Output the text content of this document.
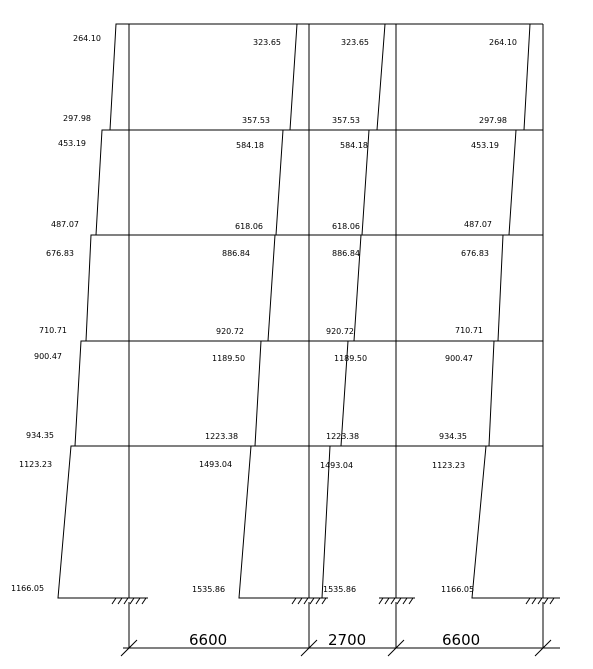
6600	2700	6600
264.10
297.98
323.65
357.53
323.65
357.53
264.10
297.98
453.19
487.07
584.18
618.06
584.18
618.06
453.19
487.07
676.83
710.71
886.84
920.72
886.84
920.72
676.83
710.71
900.47
934.35
1189.50
1223.38
1189.50
1223.38
900.47
934.35
1123.23
1166.05
1493.04
1535.86
1493.04
1535.86
1123.23
1166.05
